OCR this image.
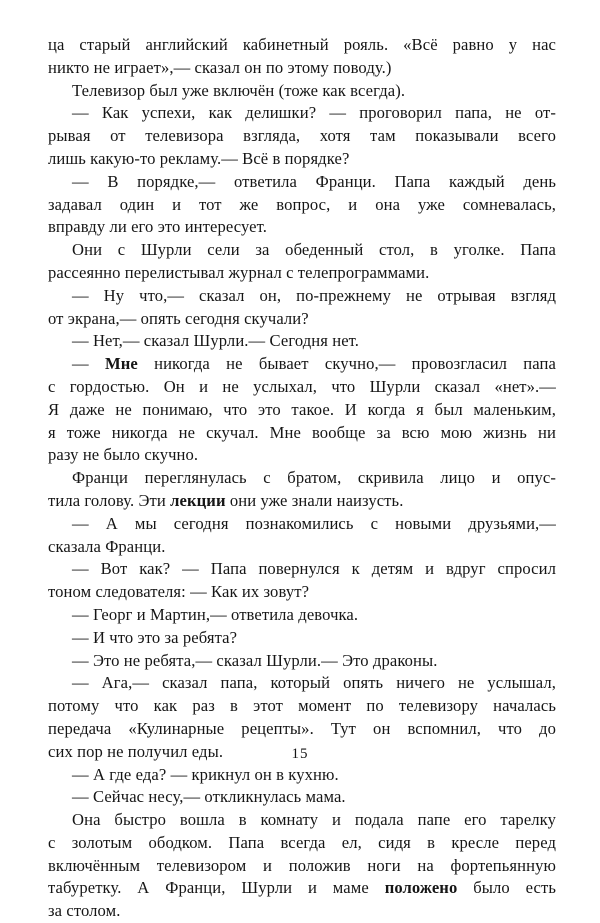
ца старый английский кабинетный рояль. «Всё равно у нас
никто не играет»,— сказал он по этому поводу.)
Телевизор был уже включён (тоже как всегда).
— Как успехи, как делишки? — проговорил папа, не от-
рывая от телевизора взгляда, хотя там показывали всего
лишь какую-то рекламу.— Всё в порядке?
— В порядке,— ответила Франци. Папа каждый день
задавал один и тот же вопрос, и она уже сомневалась,
вправду ли его это интересует.
Они с Шурли сели за обеденный стол, в уголке. Папа
рассеянно перелистывал журнал с телепрограммами.
— Ну что,— сказал он, по-прежнему не отрывая взгляд
от экрана,— опять сегодня скучали?
— Нет,— сказал Шурли.— Сегодня нет.
— Мне никогда не бывает скучно,— провозгласил папа
с гордостью. Он и не услыхал, что Шурли сказал «нет».—
Я даже не понимаю, что это такое. И когда я был маленьким,
я тоже никогда не скучал. Мне вообще за всю мою жизнь ни
разу не было скучно.
Франци переглянулась с братом, скривила лицо и опус-
тила голову. Эти лекции они уже знали наизусть.
— А мы сегодня познакомились с новыми друзьями,—
сказала Франци.
— Вот как? — Папа повернулся к детям и вдруг спросил
тоном следователя: — Как их зовут?
— Георг и Мартин,— ответила девочка.
— И что это за ребята?
— Это не ребята,— сказал Шурли.— Это драконы.
— Ага,— сказал папа, который опять ничего не услышал,
потому что как раз в этот момент по телевизору началась
передача «Кулинарные рецепты». Тут он вспомнил, что до
сих пор не получил еды.
— А где еда? — крикнул он в кухню.
— Сейчас несу,— откликнулась мама.
Она быстро вошла в комнату и подала папе его тарелку
с золотым ободком. Папа всегда ел, сидя в кресле перед
включённым телевизором и положив ноги на фортепьянную
табуретку. А Франци, Шурли и маме положено было есть
за столом.
15
